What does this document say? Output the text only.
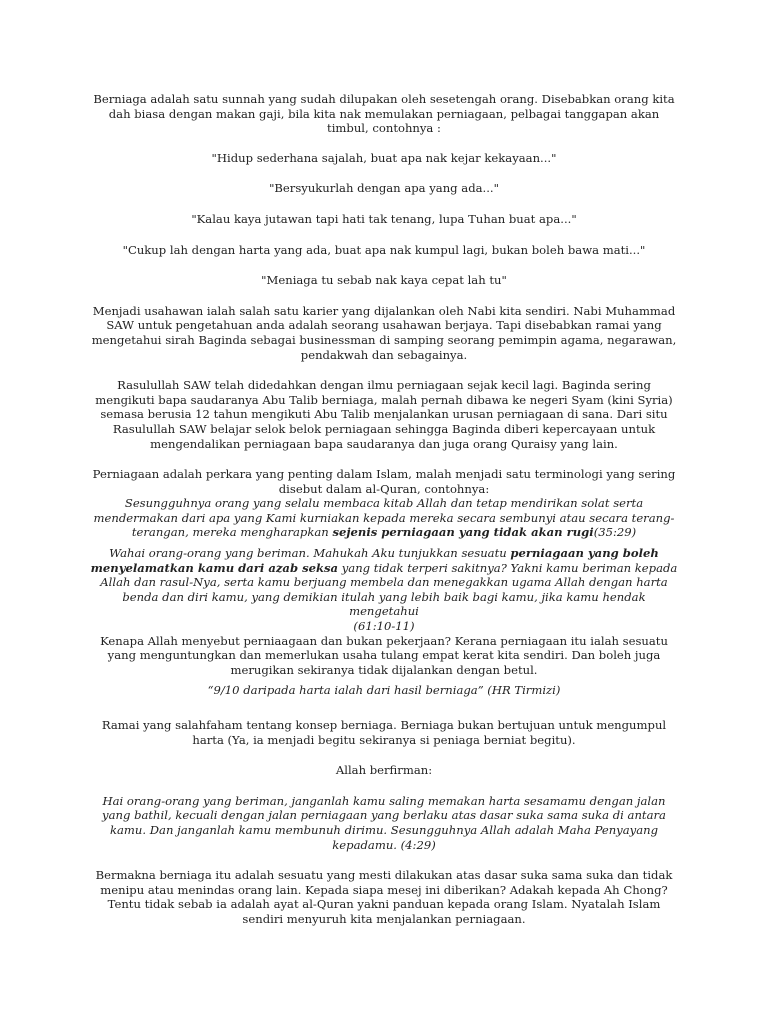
Berniaga adalah satu sunnah yang sudah dilupakan oleh sesetengah orang. Disebabkan orang kita dah biasa dengan makan gaji, bila kita nak memulakan perniagaan, pelbagai tanggapan akan timbul, contohnya :

"Hidup sederhana sajalah, buat apa nak kejar kekayaan..."

"Bersyukurlah dengan apa yang ada..."

"Kalau kaya jutawan tapi hati tak tenang, lupa Tuhan buat apa..."

"Cukup lah dengan harta yang ada, buat apa nak kumpul lagi, bukan boleh bawa mati..."

"Meniaga tu sebab nak kaya cepat lah tu"

Menjadi usahawan ialah salah satu karier yang dijalankan oleh Nabi kita sendiri. Nabi Muhammad SAW untuk pengetahuan anda adalah seorang usahawan berjaya. Tapi disebabkan ramai yang mengetahui sirah Baginda sebagai businessman di samping seorang pemimpin agama, negarawan, pendakwah dan sebagainya.

Rasulullah SAW telah didedahkan dengan ilmu perniagaan sejak kecil lagi. Baginda sering mengikuti bapa saudaranya Abu Talib berniaga, malah pernah dibawa ke negeri Syam (kini Syria) semasa berusia 12 tahun mengikuti Abu Talib menjalankan urusan perniagaan di sana. Dari situ Rasulullah SAW belajar selok belok perniagaan sehingga Baginda diberi kepercayaan untuk mengendalikan perniagaan bapa saudaranya dan juga orang Quraisy yang lain.

Perniagaan adalah perkara yang penting dalam Islam, malah menjadi satu terminologi yang sering disebut dalam al-Quran, contohnya:

Sesungguhnya orang yang selalu membaca kitab Allah dan tetap mendirikan solat serta mendermakan dari apa yang Kami kurniakan kepada mereka secara sembunyi atau secara terang-terangan, mereka mengharapkan sejenis perniagaan yang tidak akan rugi(35:29)

Wahai orang-orang yang beriman. Mahukah Aku tunjukkan sesuatu perniagaan yang boleh menyelamatkan kamu dari azab seksa yang tidak terperi sakitnya? Yakni kamu beriman kepada Allah dan rasul-Nya, serta kamu berjuang membela dan menegakkan ugama Allah dengan harta benda dan diri kamu, yang demikian itulah yang lebih baik bagi kamu, jika kamu hendak mengetahui
(61:10-11)

Kenapa Allah menyebut perniaagaan dan bukan pekerjaan? Kerana perniagaan itu ialah sesuatu yang menguntungkan dan memerlukan usaha tulang empat kerat kita sendiri. Dan boleh juga merugikan sekiranya tidak dijalankan dengan betul.

“9/10 daripada harta ialah dari hasil berniaga” (HR Tirmizi)

Ramai yang salahfaham tentang konsep berniaga. Berniaga bukan bertujuan untuk mengumpul harta (Ya, ia menjadi begitu sekiranya si peniaga berniat begitu).

Allah berfirman:

Hai orang-orang yang beriman, janganlah kamu saling memakan harta sesamamu dengan jalan yang bathil, kecuali dengan jalan perniagaan yang berlaku atas dasar suka sama suka di antara kamu. Dan janganlah kamu membunuh dirimu. Sesungguhnya Allah adalah Maha Penyayang kepadamu. (4:29)

Bermakna berniaga itu adalah sesuatu yang mesti dilakukan atas dasar suka sama suka dan tidak menipu atau menindas orang lain. Kepada siapa mesej ini diberikan? Adakah kepada Ah Chong? Tentu tidak sebab ia adalah ayat al-Quran yakni panduan kepada orang Islam. Nyatalah Islam sendiri menyuruh kita menjalankan perniagaan.
